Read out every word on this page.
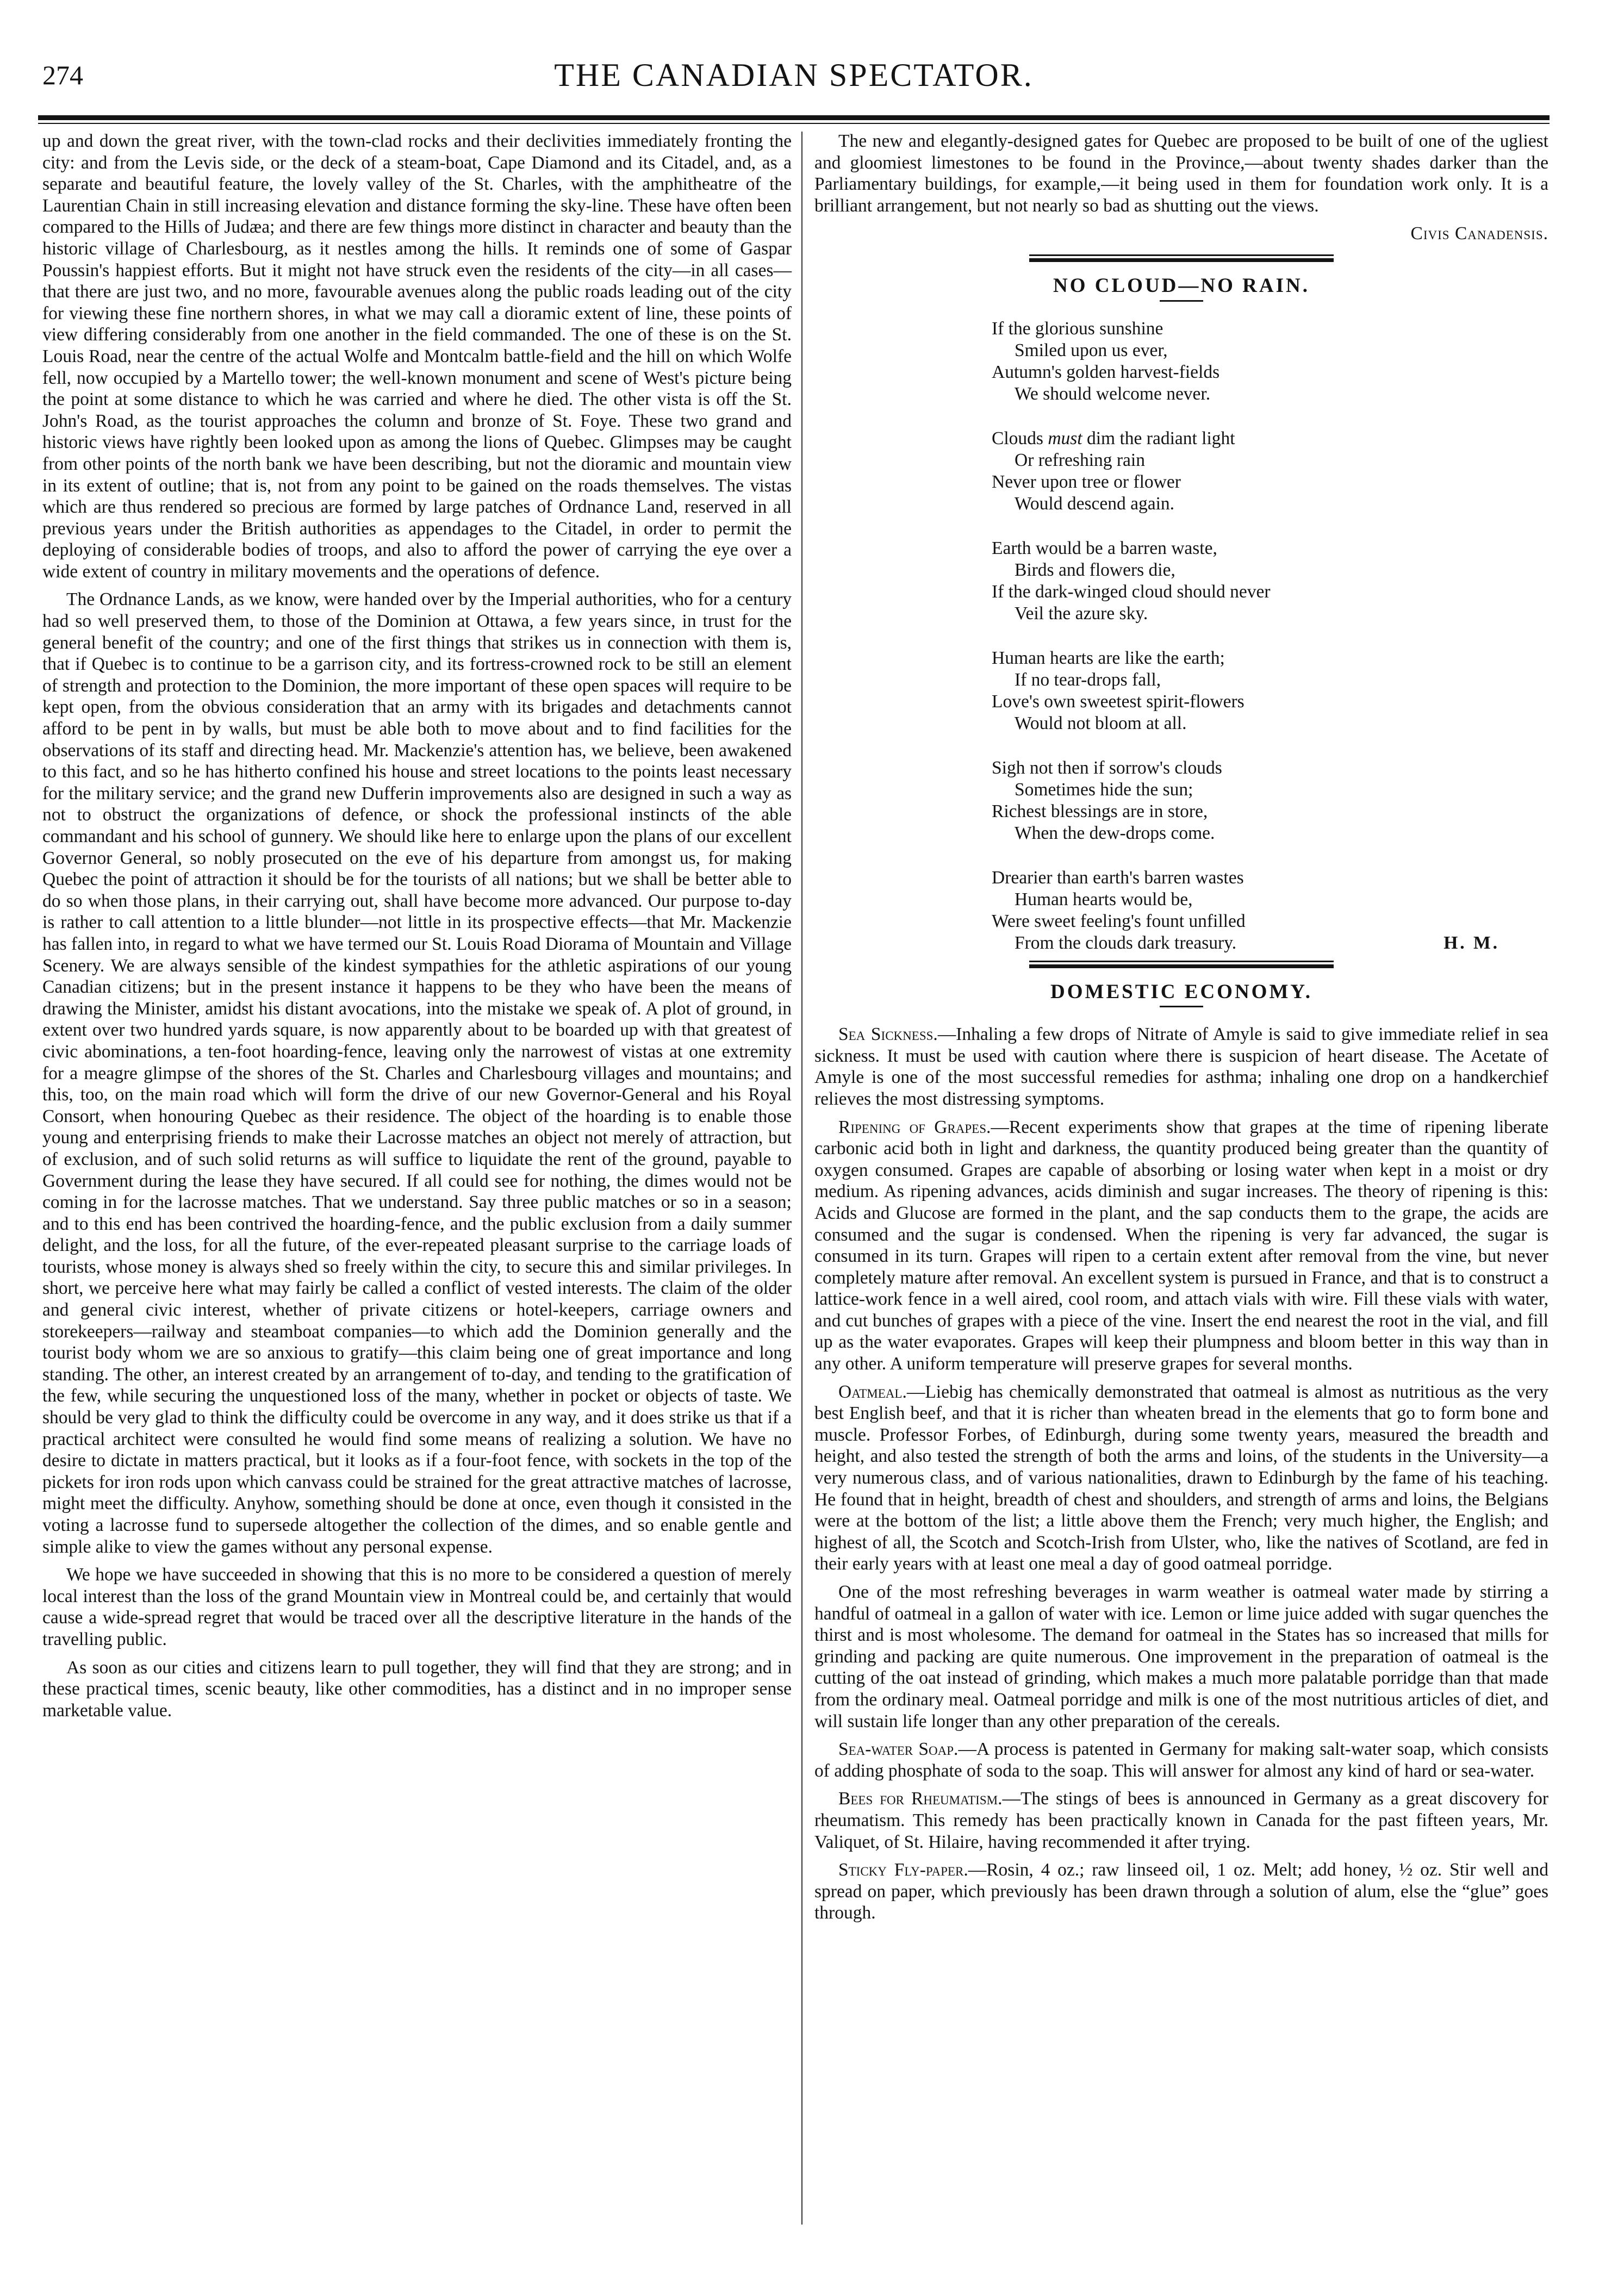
274	THE CANADIAN SPECTATOR.

up and down the great river, with the town-clad rocks and their declivities immediately fronting the city: and from the Levis side, or the deck of a steam-boat, Cape Diamond and its Citadel, and, as a separate and beautiful feature, the lovely valley of the St. Charles, with the amphitheatre of the Laurentian Chain in still increasing elevation and distance forming the sky-line. These have often been compared to the Hills of Judæa; and there are few things more distinct in character and beauty than the historic village of Charlesbourg, as it nestles among the hills. It reminds one of some of Gaspar Poussin's happiest efforts. But it might not have struck even the residents of the city—in all cases—that there are just two, and no more, favourable avenues along the public roads leading out of the city for viewing these fine northern shores, in what we may call a dioramic extent of line, these points of view differing considerably from one another in the field commanded. The one of these is on the St. Louis Road, near the centre of the actual Wolfe and Montcalm battle-field and the hill on which Wolfe fell, now occupied by a Martello tower; the well-known monument and scene of West's picture being the point at some distance to which he was carried and where he died. The other vista is off the St. John's Road, as the tourist approaches the column and bronze of St. Foye. These two grand and historic views have rightly been looked upon as among the lions of Quebec. Glimpses may be caught from other points of the north bank we have been describing, but not the dioramic and mountain view in its extent of outline; that is, not from any point to be gained on the roads themselves. The vistas which are thus rendered so precious are formed by large patches of Ordnance Land, reserved in all previous years under the British authorities as appendages to the Citadel, in order to permit the deploying of considerable bodies of troops, and also to afford the power of carrying the eye over a wide extent of country in military movements and the operations of defence.

The Ordnance Lands, as we know, were handed over by the Imperial authorities, who for a century had so well preserved them, to those of the Dominion at Ottawa, a few years since, in trust for the general benefit of the country; and one of the first things that strikes us in connection with them is, that if Quebec is to continue to be a garrison city, and its fortress-crowned rock to be still an element of strength and protection to the Dominion, the more important of these open spaces will require to be kept open, from the obvious consideration that an army with its brigades and detachments cannot afford to be pent in by walls, but must be able both to move about and to find facilities for the observations of its staff and directing head. Mr. Mackenzie's attention has, we believe, been awakened to this fact, and so he has hitherto confined his house and street locations to the points least necessary for the military service; and the grand new Dufferin improvements also are designed in such a way as not to obstruct the organizations of defence, or shock the professional instincts of the able commandant and his school of gunnery. We should like here to enlarge upon the plans of our excellent Governor General, so nobly prosecuted on the eve of his departure from amongst us, for making Quebec the point of attraction it should be for the tourists of all nations; but we shall be better able to do so when those plans, in their carrying out, shall have become more advanced. Our purpose to-day is rather to call attention to a little blunder—not little in its prospective effects—that Mr. Mackenzie has fallen into, in regard to what we have termed our St. Louis Road Diorama of Mountain and Village Scenery. We are always sensible of the kindest sympathies for the athletic aspirations of our young Canadian citizens; but in the present instance it happens to be they who have been the means of drawing the Minister, amidst his distant avocations, into the mistake we speak of. A plot of ground, in extent over two hundred yards square, is now apparently about to be boarded up with that greatest of civic abominations, a ten-foot hoarding-fence, leaving only the narrowest of vistas at one extremity for a meagre glimpse of the shores of the St. Charles and Charlesbourg villages and mountains; and this, too, on the main road which will form the drive of our new Governor-General and his Royal Consort, when honouring Quebec as their residence. The object of the hoarding is to enable those young and enterprising friends to make their Lacrosse matches an object not merely of attraction, but of exclusion, and of such solid returns as will suffice to liquidate the rent of the ground, payable to Government during the lease they have secured. If all could see for nothing, the dimes would not be coming in for the lacrosse matches. That we understand. Say three public matches or so in a season; and to this end has been contrived the hoarding-fence, and the public exclusion from a daily summer delight, and the loss, for all the future, of the ever-repeated pleasant surprise to the carriage loads of tourists, whose money is always shed so freely within the city, to secure this and similar privileges. In short, we perceive here what may fairly be called a conflict of vested interests. The claim of the older and general civic interest, whether of private citizens or hotel-keepers, carriage owners and storekeepers—railway and steamboat companies—to which add the Dominion generally and the tourist body whom we are so anxious to gratify—this claim being one of great importance and long standing. The other, an interest created by an arrangement of to-day, and tending to the gratification of the few, while securing the unquestioned loss of the many, whether in pocket or objects of taste. We should be very glad to think the difficulty could be overcome in any way, and it does strike us that if a practical architect were consulted he would find some means of realizing a solution. We have no desire to dictate in matters practical, but it looks as if a four-foot fence, with sockets in the top of the pickets for iron rods upon which canvass could be strained for the great attractive matches of lacrosse, might meet the difficulty. Anyhow, something should be done at once, even though it consisted in the voting a lacrosse fund to supersede altogether the collection of the dimes, and so enable gentle and simple alike to view the games without any personal expense.

We hope we have succeeded in showing that this is no more to be considered a question of merely local interest than the loss of the grand Mountain view in Montreal could be, and certainly that would cause a wide-spread regret that would be traced over all the descriptive literature in the hands of the travelling public.

As soon as our cities and citizens learn to pull together, they will find that they are strong; and in these practical times, scenic beauty, like other commodities, has a distinct and in no improper sense marketable value.

The new and elegantly-designed gates for Quebec are proposed to be built of one of the ugliest and gloomiest limestones to be found in the Province,—about twenty shades darker than the Parliamentary buildings, for example,—it being used in them for foundation work only. It is a brilliant arrangement, but not nearly so bad as shutting out the views.

Civis Canadensis.

NO CLOUD—NO RAIN.
If the glorious sunshine
Smiled upon us ever,
Autumn's golden harvest-fields
We should welcome never.
Clouds must dim the radiant light
Or refreshing rain
Never upon tree or flower
Would descend again.
Earth would be a barren waste,
Birds and flowers die,
If the dark-winged cloud should never
Veil the azure sky.
Human hearts are like the earth;
If no tear-drops fall,
Love's own sweetest spirit-flowers
Would not bloom at all.
Sigh not then if sorrow's clouds
Sometimes hide the sun;
Richest blessings are in store,
When the dew-drops come.
Drearier than earth's barren wastes
Human hearts would be,
Were sweet feeling's fount unfilled
From the clouds dark treasury.	H. M.
DOMESTIC ECONOMY.

Sea Sickness.—Inhaling a few drops of Nitrate of Amyle is said to give immediate relief in sea sickness. It must be used with caution where there is suspicion of heart disease. The Acetate of Amyle is one of the most successful remedies for asthma; inhaling one drop on a handkerchief relieves the most distressing symptoms.

Ripening of Grapes.—Recent experiments show that grapes at the time of ripening liberate carbonic acid both in light and darkness, the quantity produced being greater than the quantity of oxygen consumed. Grapes are capable of absorbing or losing water when kept in a moist or dry medium. As ripening advances, acids diminish and sugar increases. The theory of ripening is this: Acids and Glucose are formed in the plant, and the sap conducts them to the grape, the acids are consumed and the sugar is condensed. When the ripening is very far advanced, the sugar is consumed in its turn. Grapes will ripen to a certain extent after removal from the vine, but never completely mature after removal. An excellent system is pursued in France, and that is to construct a lattice-work fence in a well aired, cool room, and attach vials with wire. Fill these vials with water, and cut bunches of grapes with a piece of the vine. Insert the end nearest the root in the vial, and fill up as the water evaporates. Grapes will keep their plumpness and bloom better in this way than in any other. A uniform temperature will preserve grapes for several months.

Oatmeal.—Liebig has chemically demonstrated that oatmeal is almost as nutritious as the very best English beef, and that it is richer than wheaten bread in the elements that go to form bone and muscle. Professor Forbes, of Edinburgh, during some twenty years, measured the breadth and height, and also tested the strength of both the arms and loins, of the students in the University—a very numerous class, and of various nationalities, drawn to Edinburgh by the fame of his teaching. He found that in height, breadth of chest and shoulders, and strength of arms and loins, the Belgians were at the bottom of the list; a little above them the French; very much higher, the English; and highest of all, the Scotch and Scotch-Irish from Ulster, who, like the natives of Scotland, are fed in their early years with at least one meal a day of good oatmeal porridge.

One of the most refreshing beverages in warm weather is oatmeal water made by stirring a handful of oatmeal in a gallon of water with ice. Lemon or lime juice added with sugar quenches the thirst and is most wholesome. The demand for oatmeal in the States has so increased that mills for grinding and packing are quite numerous. One improvement in the preparation of oatmeal is the cutting of the oat instead of grinding, which makes a much more palatable porridge than that made from the ordinary meal. Oatmeal porridge and milk is one of the most nutritious articles of diet, and will sustain life longer than any other preparation of the cereals.

Sea-water Soap.—A process is patented in Germany for making salt-water soap, which consists of adding phosphate of soda to the soap. This will answer for almost any kind of hard or sea-water.

Bees for Rheumatism.—The stings of bees is announced in Germany as a great discovery for rheumatism. This remedy has been practically known in Canada for the past fifteen years, Mr. Valiquet, of St. Hilaire, having recommended it after trying.

Sticky Fly-paper.—Rosin, 4 oz.; raw linseed oil, 1 oz. Melt; add honey, ½ oz. Stir well and spread on paper, which previously has been drawn through a solution of alum, else the “glue” goes through.
